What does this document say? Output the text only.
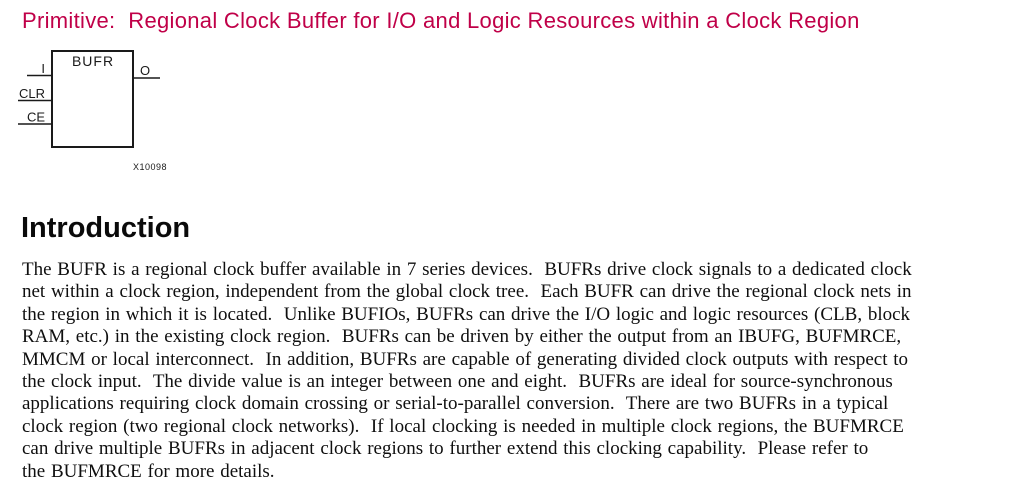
Primitive:  Regional Clock Buffer for I/O and Logic Resources within a Clock Region
BUFR
I
CLR
CE
O
X10098
Introduction
The BUFR is a regional clock buffer available in 7 series devices.  BUFRs drive clock signals to a dedicated clock
net within a clock region, independent from the global clock tree.  Each BUFR can drive the regional clock nets in
the region in which it is located.  Unlike BUFIOs, BUFRs can drive the I/O logic and logic resources (CLB, block
RAM, etc.) in the existing clock region.  BUFRs can be driven by either the output from an IBUFG, BUFMRCE,
MMCM or local interconnect.  In addition, BUFRs are capable of generating divided clock outputs with respect to
the clock input.  The divide value is an integer between one and eight.  BUFRs are ideal for source-synchronous
applications requiring clock domain crossing or serial-to-parallel conversion.  There are two BUFRs in a typical
clock region (two regional clock networks).  If local clocking is needed in multiple clock regions, the BUFMRCE
can drive multiple BUFRs in adjacent clock regions to further extend this clocking capability.  Please refer to
the BUFMRCE for more details.
